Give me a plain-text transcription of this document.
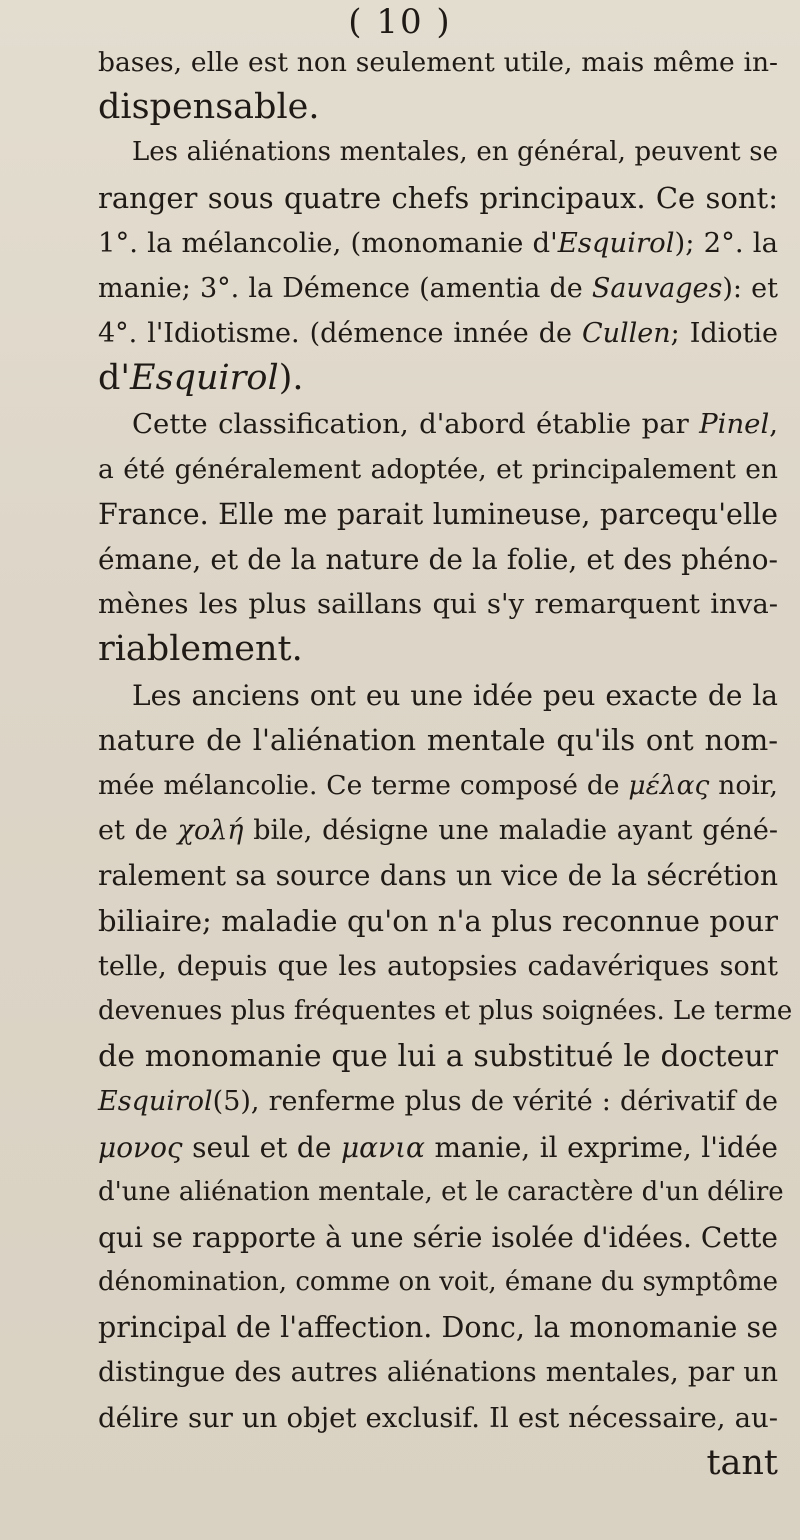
( 10 )
bases, elle est non seulement utile, mais même in-
dispensable.
Les aliénations mentales, en général, peuvent se
ranger sous quatre chefs principaux. Ce sont:
1°. la mélancolie, (monomanie d'Esquirol); 2°. la
manie; 3°. la Démence (amentia de Sauvages): et
4°. l'Idiotisme. (démence innée de Cullen; Idiotie
d'Esquirol).
Cette classification, d'abord établie par Pinel,
a été généralement adoptée, et principalement en
France. Elle me parait lumineuse, parcequ'elle
émane, et de la nature de la folie, et des phéno-
mènes les plus saillans qui s'y remarquent inva-
riablement.
Les anciens ont eu une idée peu exacte de la
nature de l'aliénation mentale qu'ils ont nom-
mée mélancolie. Ce terme composé de μέλας noir,
et de χολή bile, désigne une maladie ayant géné-
ralement sa source dans un vice de la sécrétion
biliaire; maladie qu'on n'a plus reconnue pour
telle, depuis que les autopsies cadavériques sont
devenues plus fréquentes et plus soignées. Le terme
de monomanie que lui a substitué le docteur
Esquirol(5), renferme plus de vérité : dérivatif de
μονος seul et de μανια manie, il exprime, l'idée
d'une aliénation mentale, et le caractère d'un délire
qui se rapporte à une série isolée d'idées. Cette
dénomination, comme on voit, émane du symptôme
principal de l'affection. Donc, la monomanie se
distingue des autres aliénations mentales, par un
délire sur un objet exclusif. Il est nécessaire, au-
tant
